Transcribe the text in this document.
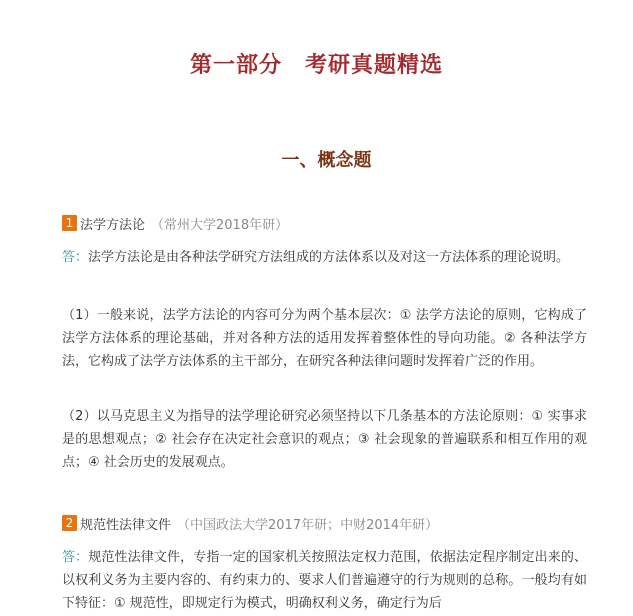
第一部分　考研真题精选
一、概念题
1 法学方法论 （常州大学2018年研）

答：法学方法论是由各种法学研究方法组成的方法体系以及对这一方法体系的理论说明。

（1）一般来说，法学方法论的内容可分为两个基本层次：① 法学方法论的原则，它构成了法学方法体系的理论基础，并对各种方法的适用发挥着整体性的导向功能。② 各种法学方法，它构成了法学方法体系的主干部分，在研究各种法律问题时发挥着广泛的作用。

（2）以马克思主义为指导的法学理论研究必须坚持以下几条基本的方法论原则：① 实事求是的思想观点；② 社会存在决定社会意识的观点；③ 社会现象的普遍联系和相互作用的观点；④ 社会历史的发展观点。

2 规范性法律文件 （中国政法大学2017年研；中财2014年研）

答：规范性法律文件，专指一定的国家机关按照法定权力范围，依据法定程序制定出来的、以权利义务为主要内容的、有约束力的、要求人们普遍遵守的行为规则的总称。一般均有如下特征：① 规范性，即规定行为模式，明确权利义务，确定行为后
